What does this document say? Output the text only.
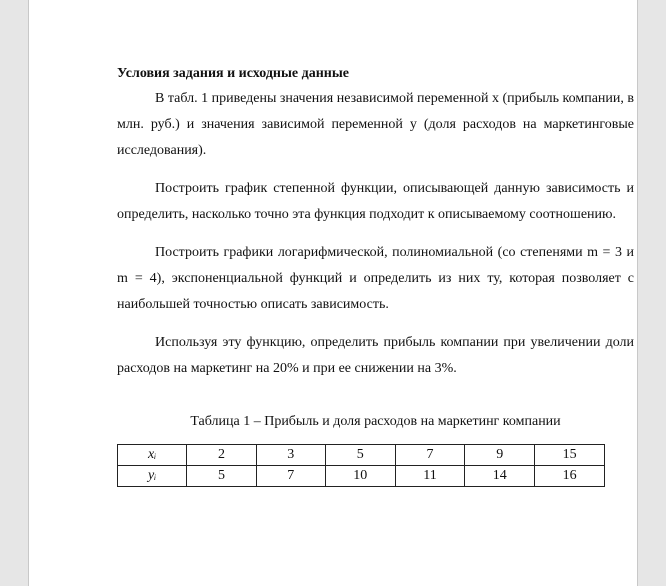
Условия задания и исходные данные

В табл. 1 приведены значения независимой переменной x (прибыль компании, в млн. руб.) и значения зависимой переменной y (доля расходов на маркетинговые исследования).

Построить график степенной функции, описывающей данную зависимость и определить, насколько точно эта функция подходит к описываемому соотношению.

Построить графики логарифмической, полиномиальной (со степенями m = 3 и m = 4), экспоненциальной функций и определить из них ту, которая позволяет с наибольшей точностью описать зависимость.

Используя эту функцию, определить прибыль компании при увеличении доли расходов на маркетинг на 20% и при ее снижении на 3%.

Таблица 1 – Прибыль и доля расходов на маркетинг компании
xᵢ	2	3	5	7	9	15
yᵢ	5	7	10	11	14	16
